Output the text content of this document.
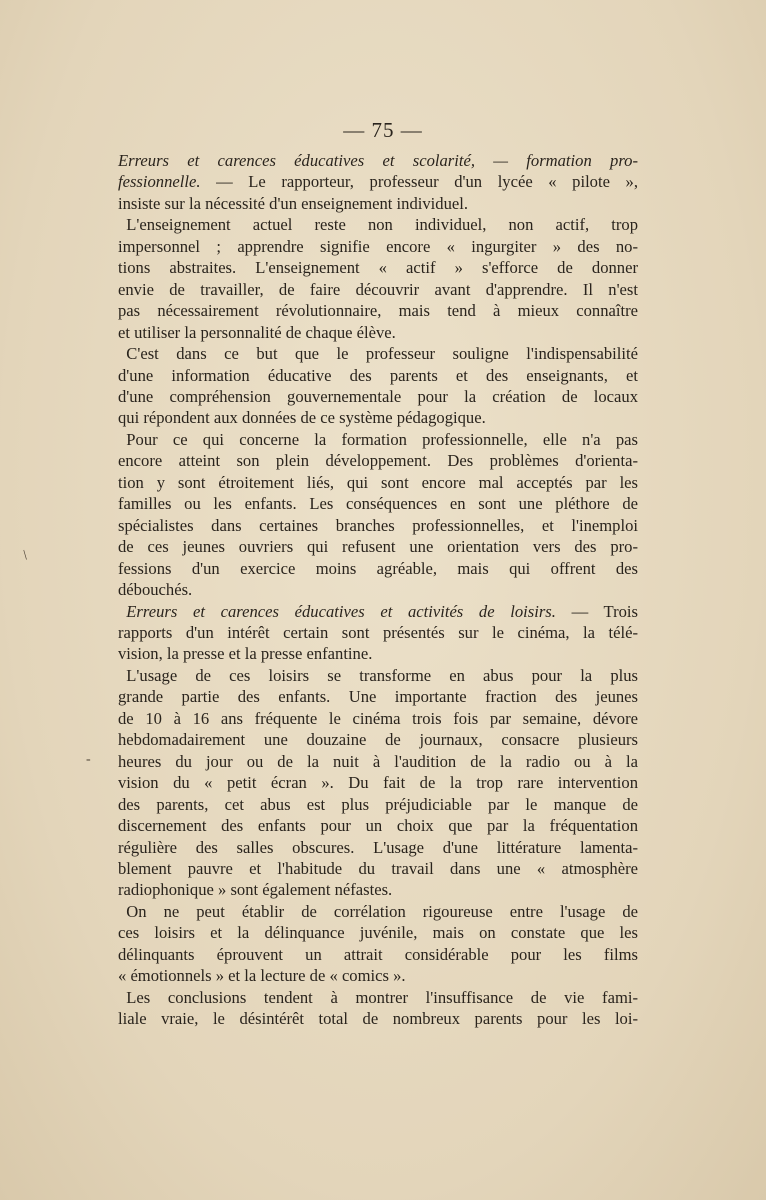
— 75 —
Erreurs et carences éducatives et scolarité, — formation pro-
fessionnelle. — Le rapporteur, professeur d'un lycée « pilote »,
insiste sur la nécessité d'un enseignement individuel.
 L'enseignement actuel reste non individuel, non actif, trop
impersonnel ; apprendre signifie encore « ingurgiter » des no-
tions abstraites. L'enseignement « actif » s'efforce de donner
envie de travailler, de faire découvrir avant d'apprendre. Il n'est
pas nécessairement révolutionnaire, mais tend à mieux connaître
et utiliser la personnalité de chaque élève.
 C'est dans ce but que le professeur souligne l'indispensabilité
d'une information éducative des parents et des enseignants, et
d'une compréhension gouvernementale pour la création de locaux
qui répondent aux données de ce système pédagogique.
 Pour ce qui concerne la formation professionnelle, elle n'a pas
encore atteint son plein développement. Des problèmes d'orienta-
tion y sont étroitement liés, qui sont encore mal acceptés par les
familles ou les enfants. Les conséquences en sont une pléthore de
spécialistes dans certaines branches professionnelles, et l'inemploi
de ces jeunes ouvriers qui refusent une orientation vers des pro-
fessions d'un exercice moins agréable, mais qui offrent des
débouchés.
 Erreurs et carences éducatives et activités de loisirs. — Trois
rapports d'un intérêt certain sont présentés sur le cinéma, la télé-
vision, la presse et la presse enfantine.
 L'usage de ces loisirs se transforme en abus pour la plus
grande partie des enfants. Une importante fraction des jeunes
de 10 à 16 ans fréquente le cinéma trois fois par semaine, dévore
hebdomadairement une douzaine de journaux, consacre plusieurs
heures du jour ou de la nuit à l'audition de la radio ou à la
vision du « petit écran ». Du fait de la trop rare intervention
des parents, cet abus est plus préjudiciable par le manque de
discernement des enfants pour un choix que par la fréquentation
régulière des salles obscures. L'usage d'une littérature lamenta-
blement pauvre et l'habitude du travail dans une « atmosphère
radiophonique » sont également néfastes.
 On ne peut établir de corrélation rigoureuse entre l'usage de
ces loisirs et la délinquance juvénile, mais on constate que les
délinquants éprouvent un attrait considérable pour les films
« émotionnels » et la lecture de « comics ».
 Les conclusions tendent à montrer l'insuffisance de vie fami-
liale vraie, le désintérêt total de nombreux parents pour les loi-
/
-
